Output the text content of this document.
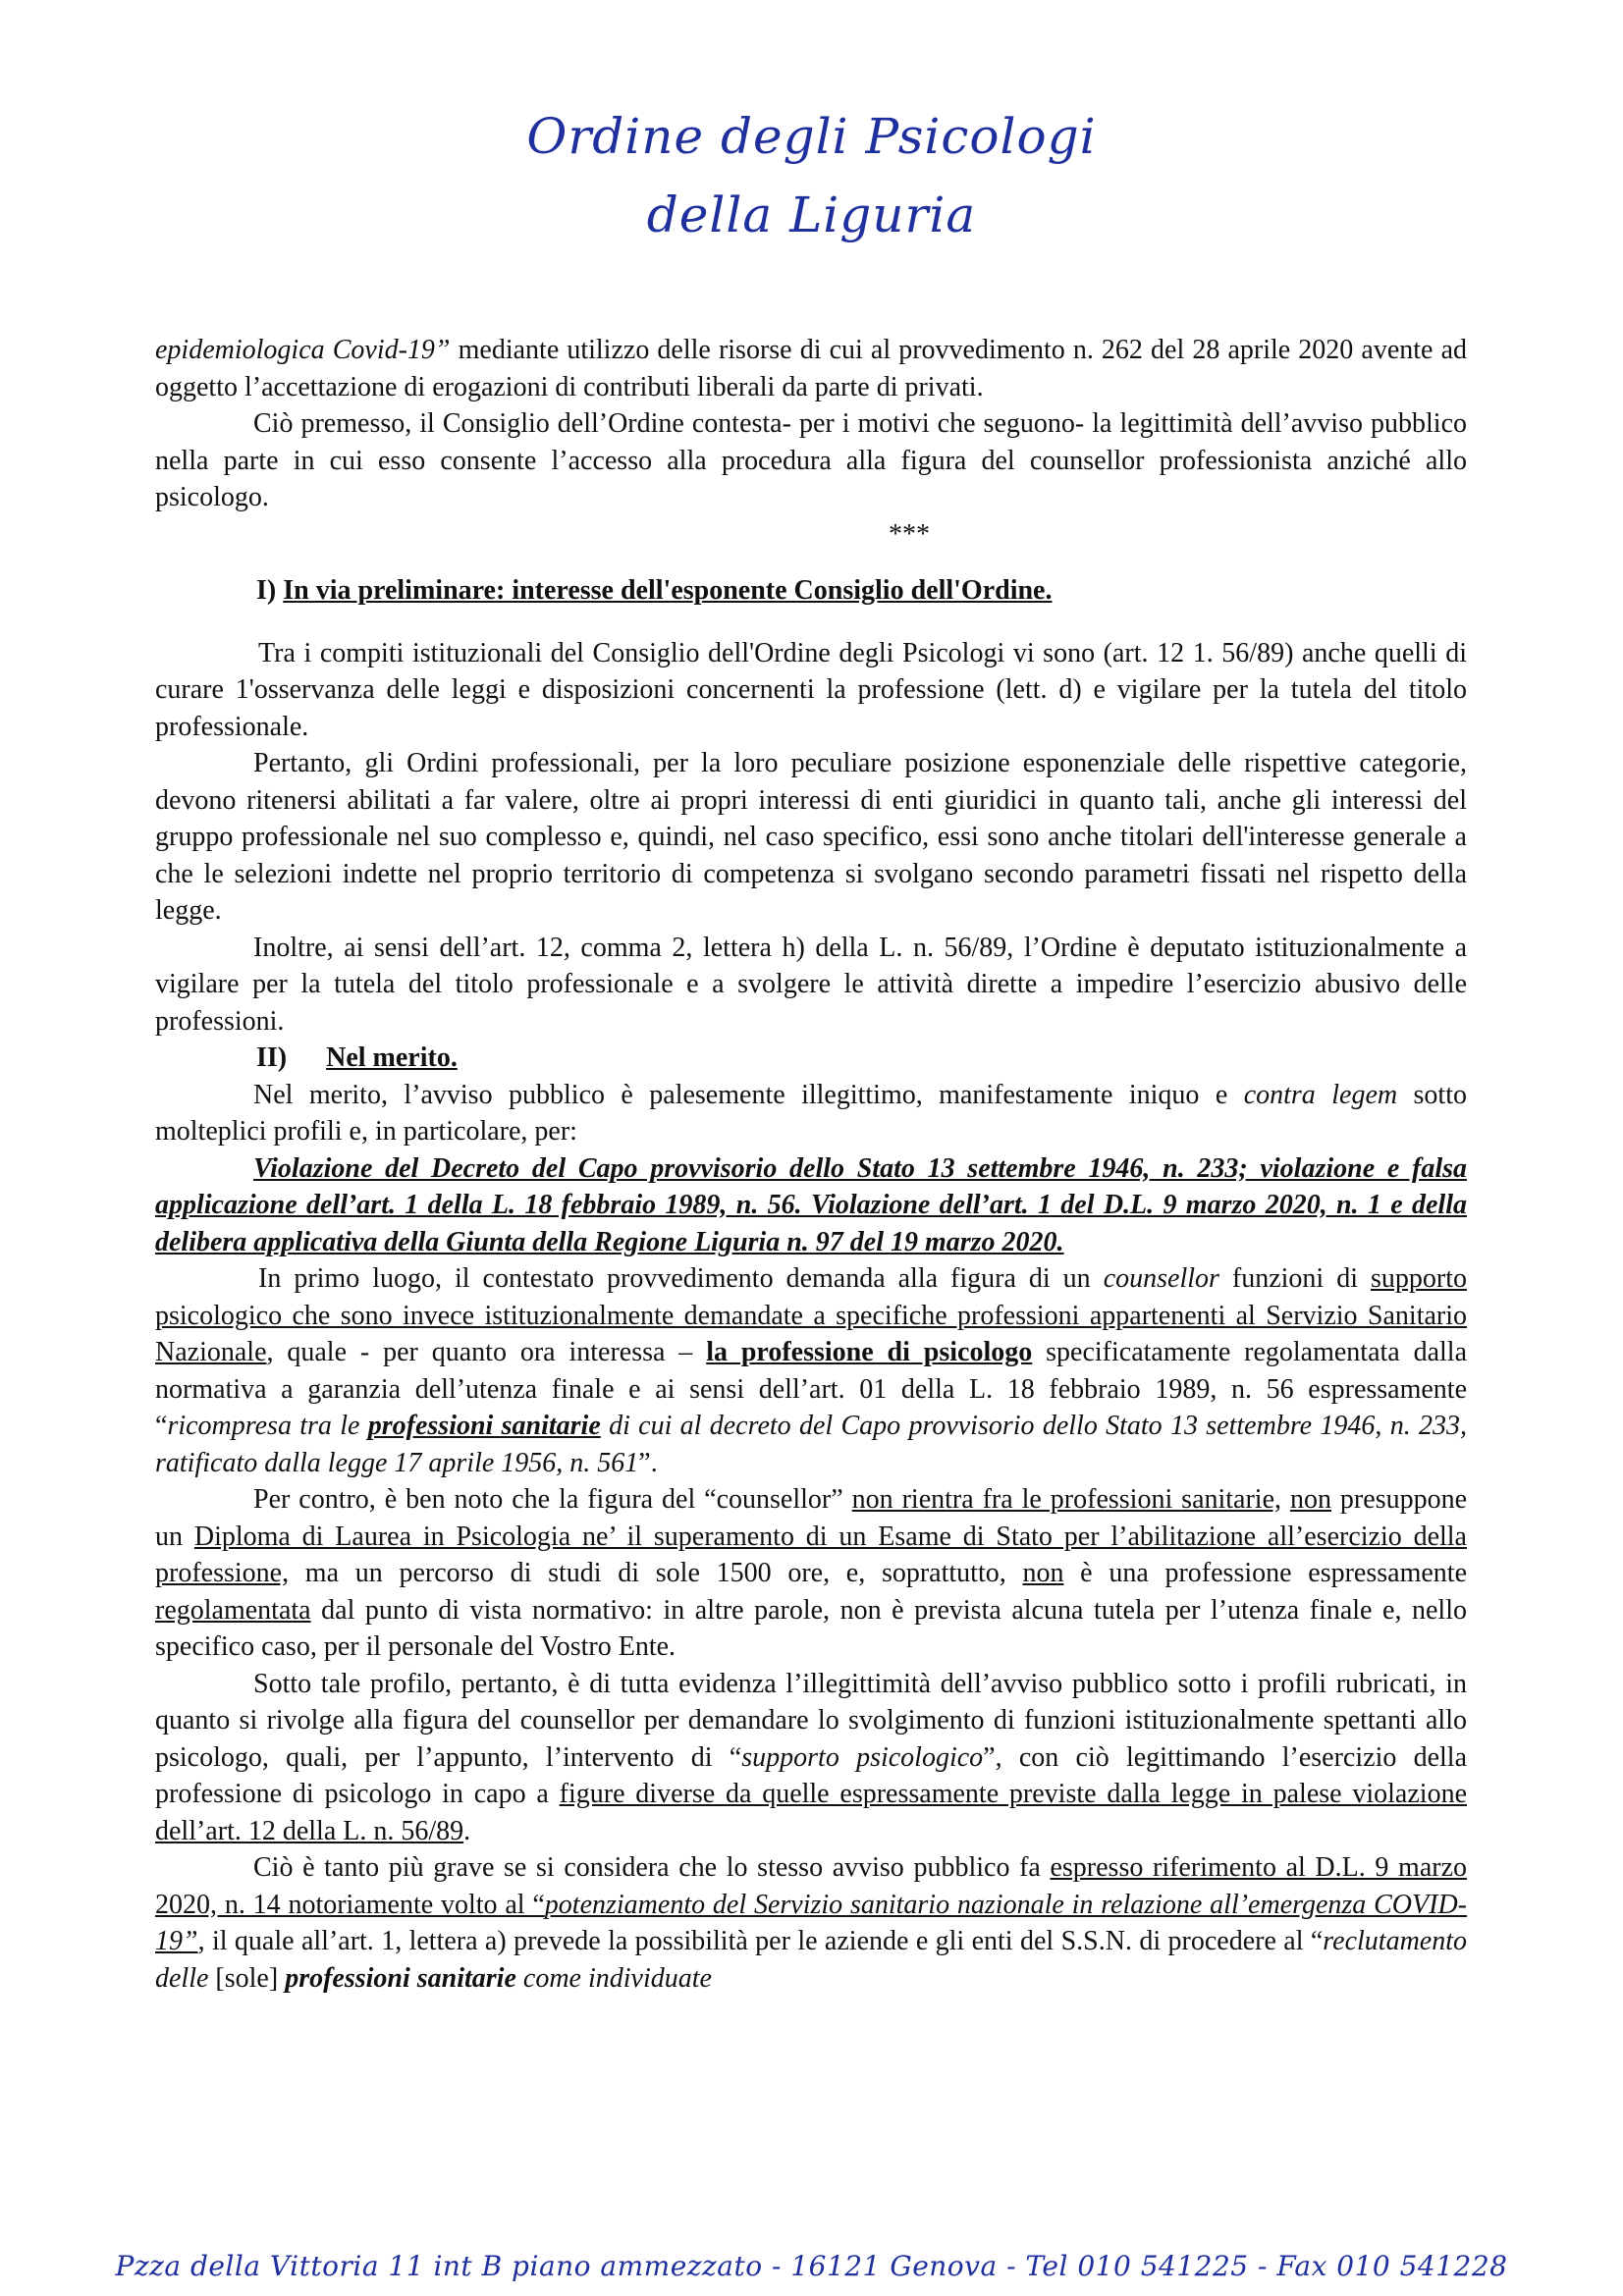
Ordine degli Psicologi
della Liguria

epidemiologica Covid-19” mediante utilizzo delle risorse di cui al provvedimento n. 262 del 28 aprile 2020 avente ad oggetto l’accettazione di erogazioni di contributi liberali da parte di privati.

Ciò premesso, il Consiglio dell’Ordine contesta- per i motivi che seguono- la legittimità dell’avviso pubblico nella parte in cui esso consente l’accesso alla procedura alla figura del counsellor professionista anziché allo psicologo.

***

I) In via preliminare: interesse dell'esponente Consiglio dell'Ordine.

Tra i compiti istituzionali del Consiglio dell'Ordine degli Psicologi vi sono (art. 12 1. 56/89) anche quelli di curare 1'osservanza delle leggi e disposizioni concernenti la professione (lett. d) e vigilare per la tutela del titolo professionale.

Pertanto, gli Ordini professionali, per la loro peculiare posizione esponenziale delle rispettive categorie, devono ritenersi abilitati a far valere, oltre ai propri interessi di enti giuridici in quanto tali, anche gli interessi del gruppo professionale nel suo complesso e, quindi, nel caso specifico, essi sono anche titolari dell'interesse generale a che le selezioni indette nel proprio territorio di competenza si svolgano secondo parametri fissati nel rispetto della legge.

Inoltre, ai sensi dell’art. 12, comma 2, lettera h) della L. n. 56/89, l’Ordine è deputato istituzionalmente a vigilare per la tutela del titolo professionale e a svolgere le attività dirette a impedire l’esercizio abusivo delle professioni.

II) Nel merito.

Nel merito, l’avviso pubblico è palesemente illegittimo, manifestamente iniquo e contra legem sotto molteplici profili e, in particolare, per:

Violazione del Decreto del Capo provvisorio dello Stato 13 settembre 1946, n. 233; violazione e falsa applicazione dell’art. 1 della L. 18 febbraio 1989, n. 56. Violazione dell’art. 1 del D.L. 9 marzo 2020, n. 1 e della delibera applicativa della Giunta della Regione Liguria n. 97 del 19 marzo 2020.

In primo luogo, il contestato provvedimento demanda alla figura di un counsellor funzioni di supporto psicologico che sono invece istituzionalmente demandate a specifiche professioni appartenenti al Servizio Sanitario Nazionale, quale - per quanto ora interessa – la professione di psicologo specificatamente regolamentata dalla normativa a garanzia dell’utenza finale e ai sensi dell’art. 01 della L. 18 febbraio 1989, n. 56 espressamente “ricompresa tra le professioni sanitarie di cui al decreto del Capo provvisorio dello Stato 13 settembre 1946, n. 233, ratificato dalla legge 17 aprile 1956, n. 561”.

Per contro, è ben noto che la figura del “counsellor” non rientra fra le professioni sanitarie, non presuppone un Diploma di Laurea in Psicologia ne’ il superamento di un Esame di Stato per l’abilitazione all’esercizio della professione, ma un percorso di studi di sole 1500 ore, e, soprattutto, non è una professione espressamente regolamentata dal punto di vista normativo: in altre parole, non è prevista alcuna tutela per l’utenza finale e, nello specifico caso, per il personale del Vostro Ente.

Sotto tale profilo, pertanto, è di tutta evidenza l’illegittimità dell’avviso pubblico sotto i profili rubricati, in quanto si rivolge alla figura del counsellor per demandare lo svolgimento di funzioni istituzionalmente spettanti allo psicologo, quali, per l’appunto, l’intervento di “supporto psicologico”, con ciò legittimando l’esercizio della professione di psicologo in capo a figure diverse da quelle espressamente previste dalla legge in palese violazione dell’art. 12 della L. n. 56/89.

Ciò è tanto più grave se si considera che lo stesso avviso pubblico fa espresso riferimento al D.L. 9 marzo 2020, n. 14 notoriamente volto al “potenziamento del Servizio sanitario nazionale in relazione all’emergenza COVID-19”, il quale all’art. 1, lettera a) prevede la possibilità per le aziende e gli enti del S.S.N. di procedere al “reclutamento delle [sole] professioni sanitarie come individuate

Pzza della Vittoria 11 int B piano ammezzato - 16121 Genova - Tel 010 541225 - Fax 010 541228
